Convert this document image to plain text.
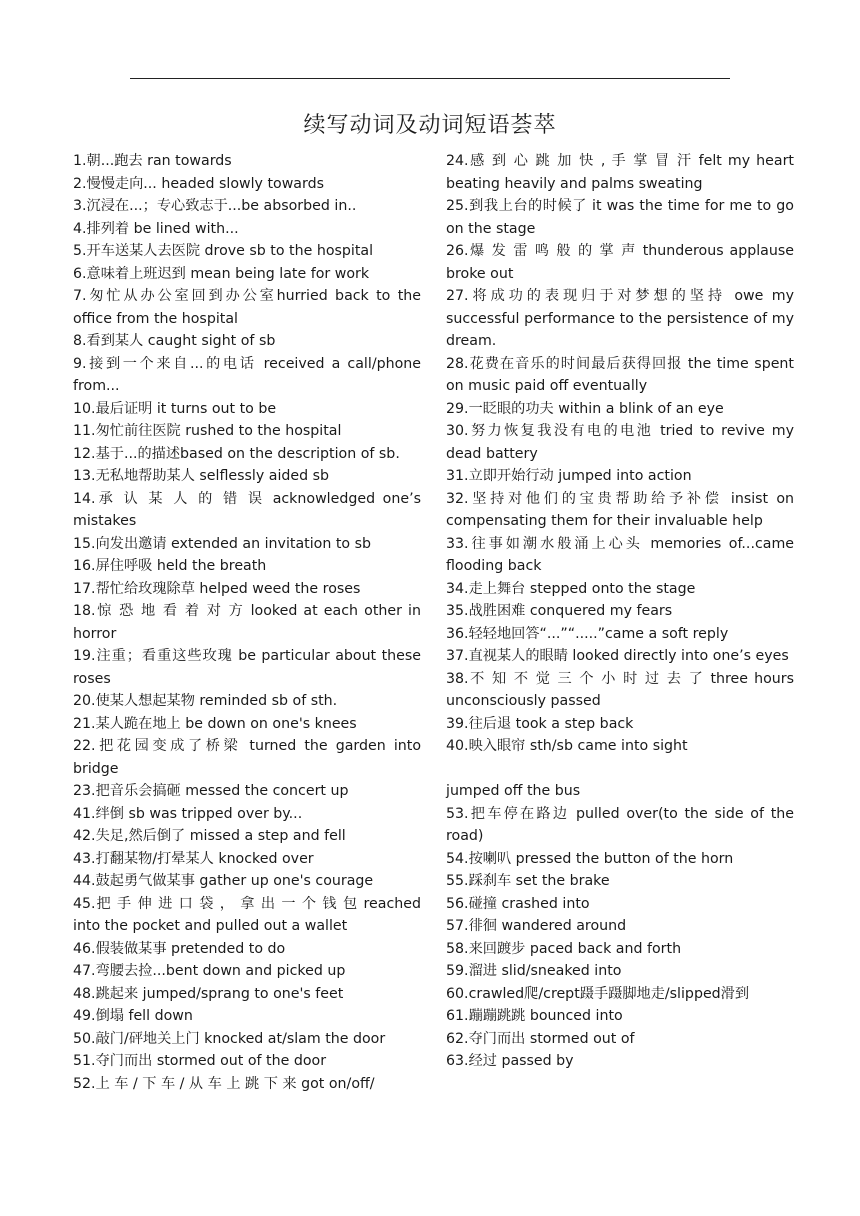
续写动词及动词短语荟萃

1.朝...跑去 ran towards

2.慢慢走向... headed slowly towards

3.沉浸在...；专心致志于...be absorbed in..

4.排列着 be lined with...

5.开车送某人去医院 drove sb to the hospital

6.意味着上班迟到 mean being late for work

7.匆忙从办公室回到办公室hurried back to the office from the hospital

8.看到某人 caught sight of sb

9.接到一个来自...的电话 received a call/phone from...

10.最后证明 it turns out to be

11.匆忙前往医院 rushed to the hospital

12.基于...的描述based on the description of sb.

13.无私地帮助某人 selflessly aided sb

14.承 认 某 人 的 错 误 acknowledged one’s mistakes

15.向发出邀请 extended an invitation to sb

16.屏住呼吸 held the breath

17.帮忙给玫瑰除草 helped weed the roses

18.惊 恐 地 看 着 对 方 looked at each other in horror

19.注重；看重这些玫瑰 be particular about these roses

20.使某人想起某物 reminded sb of sth.

21.某人跪在地上 be down on one's knees

22.把花园变成了桥梁 turned the garden into bridge

23.把音乐会搞砸 messed the concert up

41.绊倒 sb was tripped over by...

42.失足,然后倒了 missed a step and fell

43.打翻某物/打晕某人 knocked over

44.鼓起勇气做某事 gather up one's courage

45.把 手 伸 进 口 袋 ， 拿 出 一 个 钱 包 reached into the pocket and pulled out a wallet

46.假装做某事 pretended to do

47.弯腰去捡...bent down and picked up

48.跳起来 jumped/sprang to one's feet

49.倒塌 fell down

50.敲门/砰地关上门 knocked at/slam the door

51.夺门而出 stormed out of the door

52.上 车 / 下 车 / 从 车 上 跳 下 来 got on/off/

24.感 到 心 跳 加 快 , 手 掌 冒 汗 felt my heart beating heavily and palms sweating

25.到我上台的时候了 it was the time for me to go on the stage

26.爆 发 雷 鸣 般 的 掌 声 thunderous applause broke out

27.将成功的表现归于对梦想的坚持 owe my successful performance to the persistence of my dream.

28.花费在音乐的时间最后获得回报 the time spent on music paid off eventually

29.一眨眼的功夫 within a blink of an eye

30.努力恢复我没有电的电池 tried to revive my dead battery

31.立即开始行动 jumped into action

32.坚持对他们的宝贵帮助给予补偿 insist on compensating them for their invaluable help

33.往事如潮水般涌上心头 memories of...came flooding back

34.走上舞台 stepped onto the stage

35.战胜困难 conquered my fears

36.轻轻地回答“...”“.....”came a soft reply

37.直视某人的眼睛 looked directly into one’s eyes

38.不 知 不 觉 三 个 小 时 过 去 了 three hours unconsciously passed

39.往后退 took a step back

40.映入眼帘 sth/sb came into sight

jumped off the bus

53.把车停在路边 pulled over(to the side of the road)

54.按喇叭 pressed the button of the horn

55.踩刹车 set the brake

56.碰撞 crashed into

57.徘徊 wandered around

58.来回踱步 paced back and forth

59.溜进 slid/sneaked into

60.crawled爬/crept蹑手蹑脚地走/slipped滑到

61.蹦蹦跳跳 bounced into

62.夺门而出 stormed out of

63.经过 passed by
